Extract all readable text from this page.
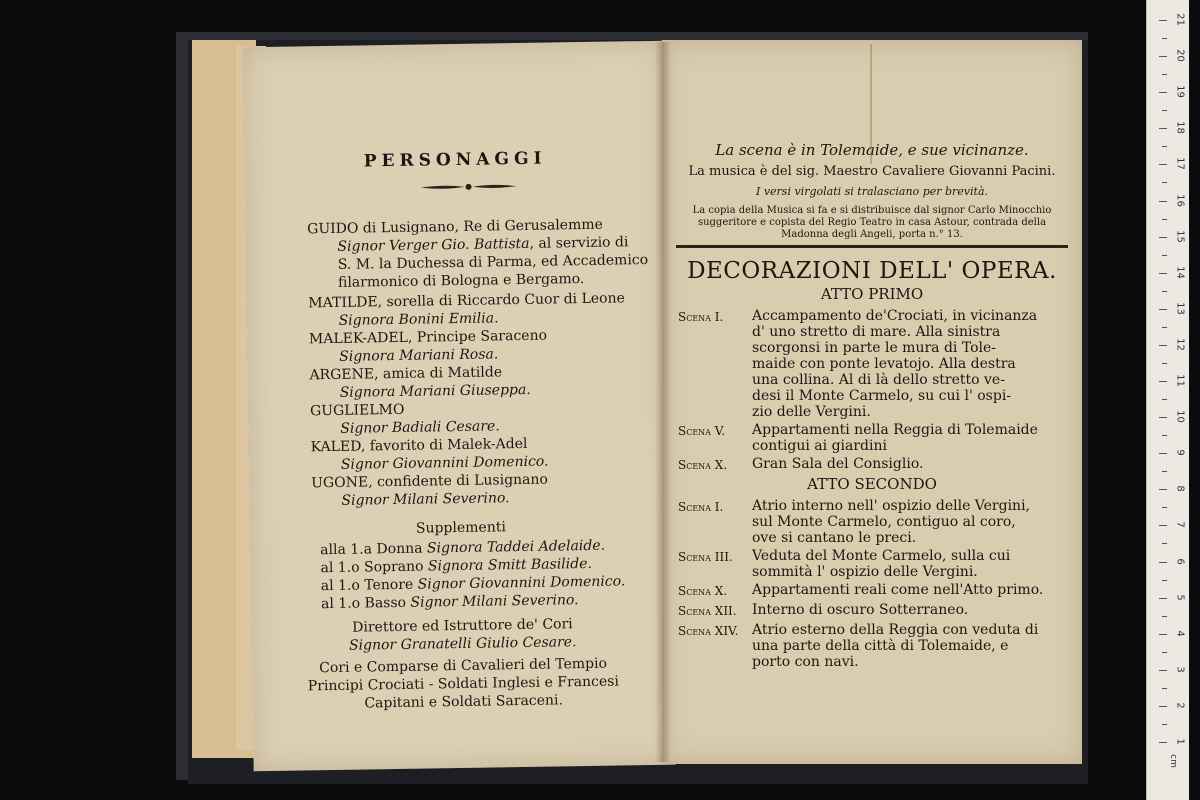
PERSONAGGI
GUIDO di Lusignano, Re di Gerusalemme
Signor Verger Gio. Battista, al servizio di
S. M. la Duchessa di Parma, ed Accademico
filarmonico di Bologna e Bergamo.
MATILDE, sorella di Riccardo Cuor di Leone
Signora Bonini Emilia.
MALEK-ADEL, Principe Saraceno
Signora Mariani Rosa.
ARGENE, amica di Matilde
Signora Mariani Giuseppa.
GUGLIELMO
Signor Badiali Cesare.
KALED, favorito di Malek-Adel
Signor Giovannini Domenico.
UGONE, confidente di Lusignano
Signor Milani Severino.
Supplementi
alla 1.a Donna Signora Taddei Adelaide.
al 1.o Soprano Signora Smitt Basilide.
al 1.o Tenore Signor Giovannini Domenico.
al 1.o Basso Signor Milani Severino.
Direttore ed Istruttore de' Cori
Signor Granatelli Giulio Cesare.
Cori e Comparse di Cavalieri del Tempio
Principi Crociati - Soldati Inglesi e Francesi
Capitani e Soldati Saraceni.
La scena è in Tolemaide, e sue vicinanze.
La musica è del sig. Maestro Cavaliere Giovanni Pacini.
I versi virgolati si tralasciano per brevità.
La copia della Musica si fa e si distribuisce dal signor Carlo Minocchio
suggeritore e copista del Regio Teatro in casa Astour, contrada della
Madonna degli Angeli, porta n.° 13.
DECORAZIONI DELL' OPERA.
ATTO PRIMO
Scena I. Accampamento de'Crociati, in vicinanza
d' uno stretto di mare. Alla sinistra
scorgonsi in parte le mura di Tole-
maide con ponte levatojo. Alla destra
una collina. Al di là dello stretto ve-
desi il Monte Carmelo, su cui l' ospi-
zio delle Vergini.
Scena V. Appartamenti nella Reggia di Tolemaide
contigui ai giardini
Scena X. Gran Sala del Consiglio.
ATTO SECONDO
Scena I. Atrio interno nell' ospizio delle Vergini,
sul Monte Carmelo, contiguo al coro,
ove si cantano le preci.
Scena III. Veduta del Monte Carmelo, sulla cui
sommità l' ospizio delle Vergini.
Scena X. Appartamenti reali come nell'Atto primo.
Scena XII. Interno di oscuro Sotterraneo.
Scena XIV. Atrio esterno della Reggia con veduta di
una parte della città di Tolemaide, e
porto con navi.
21
20
19
18
17
16
15
14
13
12
11
10
9
8
7
6
5
4
3
2
1
cm
